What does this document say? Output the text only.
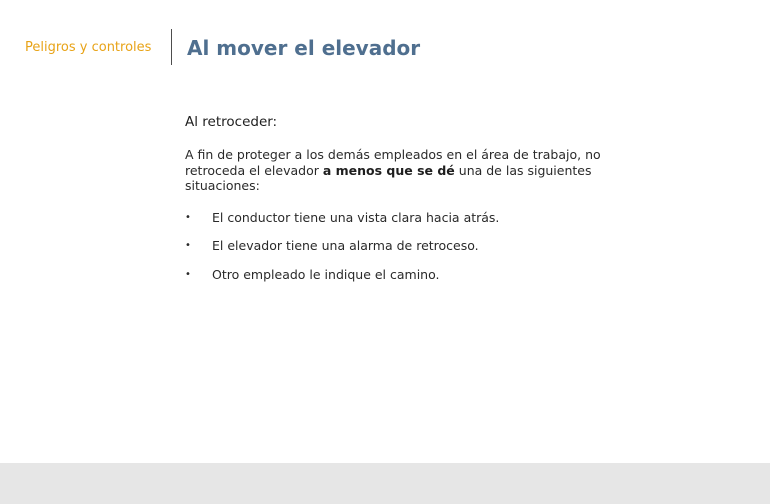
Peligros y controles Al mover el elevador

Al retroceder:

A fin de proteger a los demás empleados en el área de trabajo, no retroceda el elevador a menos que se dé una de las siguientes situaciones:

• El conductor tiene una vista clara hacia atrás.
• El elevador tiene una alarma de retroceso.
• Otro empleado le indique el camino.
